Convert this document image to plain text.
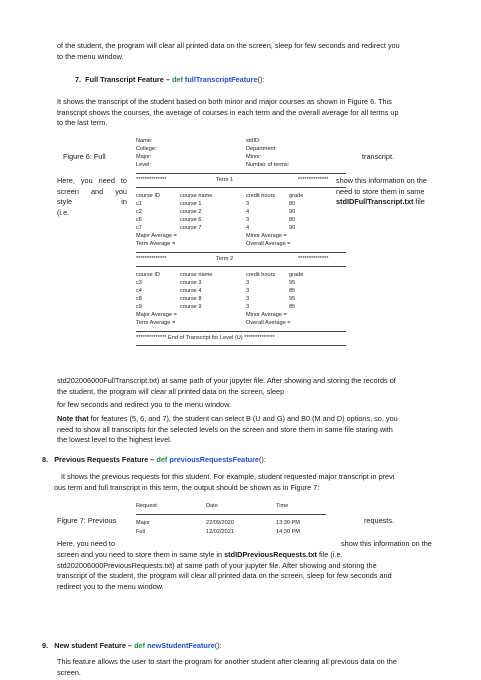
of the student, the program will clear all printed data on the screen, sleep for few seconds and redirect you
to the menu window.
7. Full Transcript Feature – def fullTranscriptFeature():
It shows the transcript of the student based on both minor and major courses as shown in Figure 6. This
transcript shows the courses, the average of courses in each term and the overall average for all terms up
to the last term.
Figure 6: Full	transcript.
Here, you need to
screen and you
style in
(i.e.
show this information on the
need to store them in same
stdIDFullTranscript.txt file
Name:	stdID:
College:	Department:
Major:	Minor:
Level:	Number of terms:
**************	Term 1	**************
course ID	course name	credit hours grade
c1	course 1	3	80
c2	course 2	4	90
c6	course 6	3	80
c7	course 7	4	90
Major Average =	Minor Average =
Term Average =	Overall Average =
**************	Term 2	**************
course ID	course name	credit hours grade
c3	course 3	3	95
c4	course 4	3	85
c8	course 8	3	95
c9	course 9	3	85
Major Average =	Minor Average =
Term Average =	Overall Average =
************** End of Transcript for Level (U) **************
std202006000FullTranscript.txt) at same path of your jupyter file. After showing and storing the records of
the student, the program will clear all printed data on the screen, sleep
for few seconds and redirect you to the menu window.
Note that for features (5, 6, and 7), the student can select B (U and G) and B0 (M and D) options, so, you
need to show all transcripts for the selected levels on the screen and store them in same file staring with
the lowest level to the highest level.
8. Previous Requests Feature – def previousRequestsFeature():
It shows the previous requests for this student. For example, student requested major transcript in previ
ous term and full transcript in this term, the output should be shown as in Figure 7:
Figure 7: Previous	requests.
Here, you need to	show this information on the
Request	Date	Time
Major	22/09/2020	13:30 PM
Full	12/02/2021	14:30 PM
screen and you need to store them in same style in stdIDPreviousRequests.txt file (i.e.
std202006000PreviousRequests.txt) at same path of your jupyter file. After showing and storing the
transcript of the student, the program will clear all printed data on the screen, sleep for few seconds and
redirect you to the menu window.
9. New student Feature – def newStudentFeature():
This feature allows the user to start the program for another student after clearing all previous data on the
screen.
